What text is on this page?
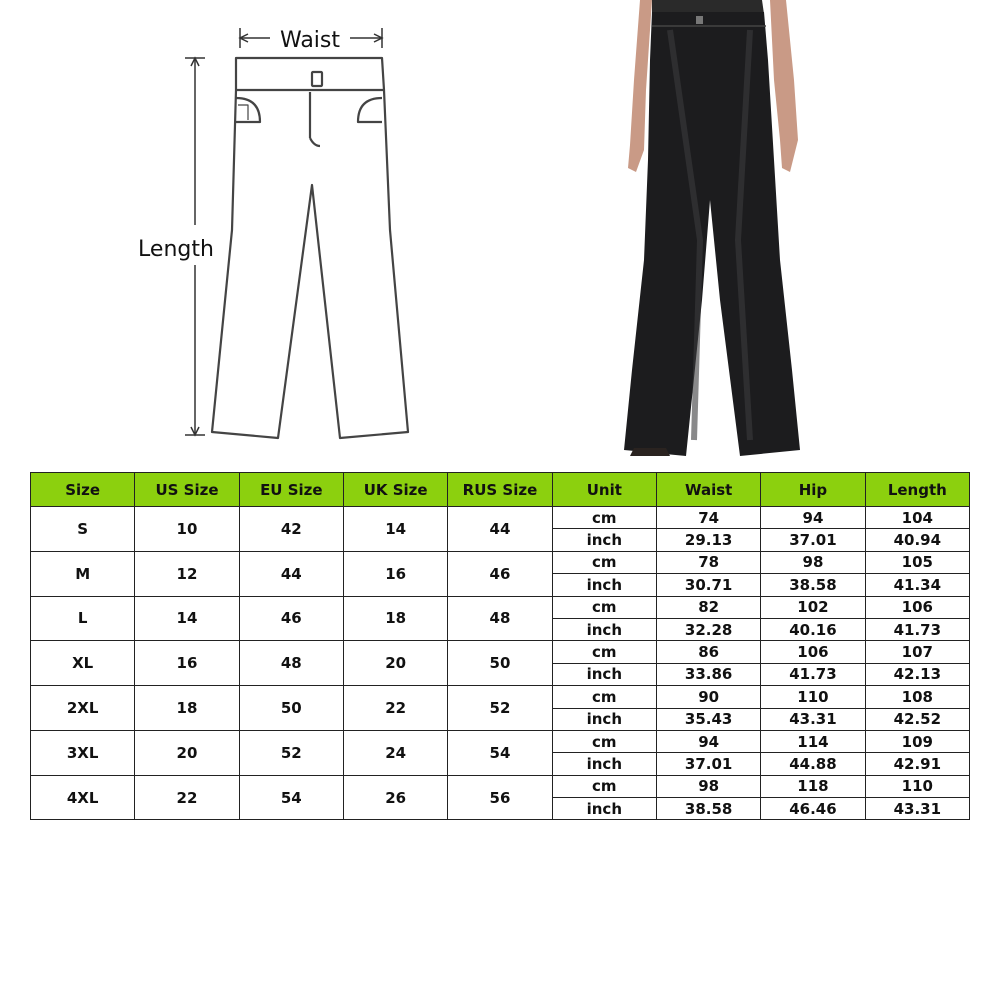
Waist
Length
Size	US Size	EU Size	UK Size	RUS Size	Unit	Waist	Hip	Length
S	10	42	14	44	cm	74	94	104
					inch	29.13	37.01	40.94
M	12	44	16	46	cm	78	98	105
					inch	30.71	38.58	41.34
L	14	46	18	48	cm	82	102	106
					inch	32.28	40.16	41.73
XL	16	48	20	50	cm	86	106	107
					inch	33.86	41.73	42.13
2XL	18	50	22	52	cm	90	110	108
					inch	35.43	43.31	42.52
3XL	20	52	24	54	cm	94	114	109
					inch	37.01	44.88	42.91
4XL	22	54	26	56	cm	98	118	110
					inch	38.58	46.46	43.31
